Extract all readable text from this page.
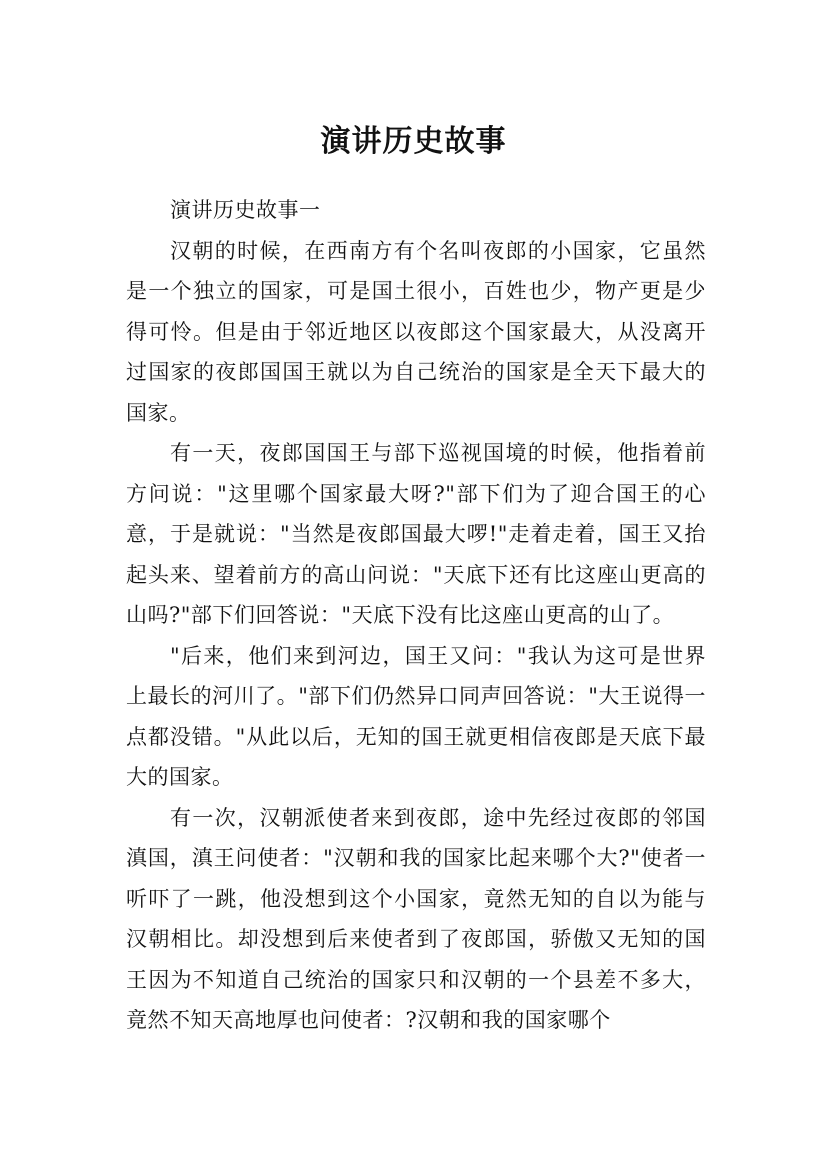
演讲历史故事

演讲历史故事一

汉朝的时候，在西南方有个名叫夜郎的小国家，它虽然是一个独立的国家，可是国土很小，百姓也少，物产更是少得可怜。但是由于邻近地区以夜郎这个国家最大，从没离开过国家的夜郎国国王就以为自己统治的国家是全天下最大的国家。

有一天，夜郎国国王与部下巡视国境的时候，他指着前方问说："这里哪个国家最大呀?"部下们为了迎合国王的心意，于是就说："当然是夜郎国最大啰!"走着走着，国王又抬起头来、望着前方的高山问说："天底下还有比这座山更高的山吗?"部下们回答说："天底下没有比这座山更高的山了。

"后来，他们来到河边，国王又问："我认为这可是世界上最长的河川了。"部下们仍然异口同声回答说："大王说得一点都没错。"从此以后，无知的国王就更相信夜郎是天底下最大的国家。

有一次，汉朝派使者来到夜郎，途中先经过夜郎的邻国滇国，滇王问使者："汉朝和我的国家比起来哪个大?"使者一听吓了一跳，他没想到这个小国家，竟然无知的自以为能与汉朝相比。却没想到后来使者到了夜郎国，骄傲又无知的国王因为不知道自己统治的国家只和汉朝的一个县差不多大，竟然不知天高地厚也问使者：?汉朝和我的国家哪个
